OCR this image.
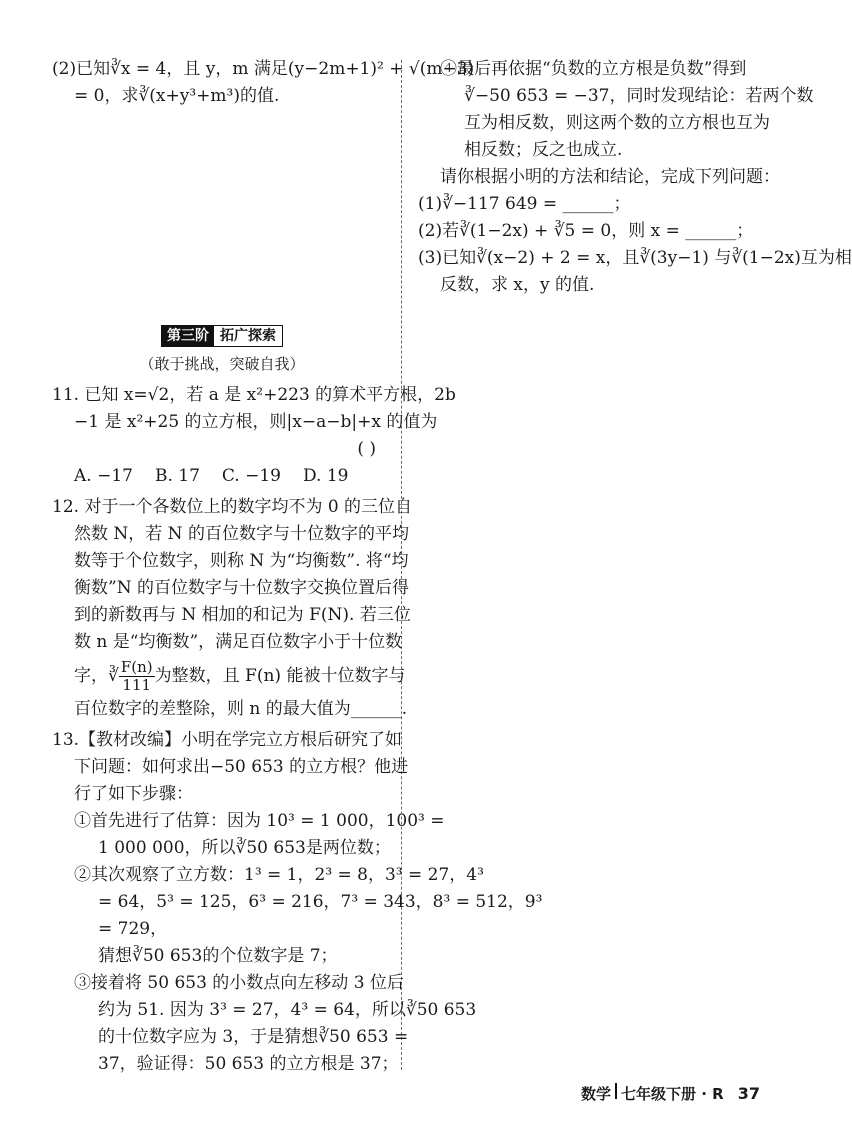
(2)已知∛x = 4，且 y，m 满足(y−2m+1)² + √(m−3)
= 0，求∛(x+y³+m³)的值.
第三阶 拓广探索
（敢于挑战，突破自我）
11. 已知 x=√2，若 a 是 x²+223 的算术平方根，2b
−1 是 x²+25 的立方根，则|x−a−b|+x 的值为
( )
A. −17 B. 17 C. −19 D. 19
12. 对于一个各数位上的数字均不为 0 的三位自
然数 N，若 N 的百位数字与十位数字的平均
数等于个位数字，则称 N 为“均衡数”. 将“均
衡数”N 的百位数字与十位数字交换位置后得
到的新数再与 N 相加的和记为 F(N). 若三位
数 n 是“均衡数”，满足百位数字小于十位数
字，∛ $\frac{F(n)}{111}$ 为整数，且 F(n) 能被十位数字与
百位数字的差整除，则 n 的最大值为______.
13.【教材改编】小明在学完立方根后研究了如
下问题：如何求出−50 653 的立方根？他进
行了如下步骤：
①首先进行了估算：因为 10³ = 1 000，100³ =
1 000 000，所以∛50 653是两位数；
②其次观察了立方数：1³ = 1，2³ = 8，3³ = 27，4³
= 64，5³ = 125，6³ = 216，7³ = 343，8³ = 512，9³
= 729，
猜想∛50 653的个位数字是 7；
③接着将 50 653 的小数点向左移动 3 位后
约为 51. 因为 3³ = 27，4³ = 64，所以∛50 653
的十位数字应为 3，于是猜想∛50 653 =
37，验证得：50 653 的立方根是 37；
④最后再依据“负数的立方根是负数”得到
∛−50 653 = −37，同时发现结论：若两个数
互为相反数，则这两个数的立方根也互为
相反数；反之也成立.
请你根据小明的方法和结论，完成下列问题：
(1)∛−117 649 = ______；
(2)若∛(1−2x) + ∛5 = 0，则 x = ______；
(3)已知∛(x−2) + 2 = x，且∛(3y−1) 与∛(1−2x)互为相
反数，求 x，y 的值.
数学 七年级下册 · R 37
